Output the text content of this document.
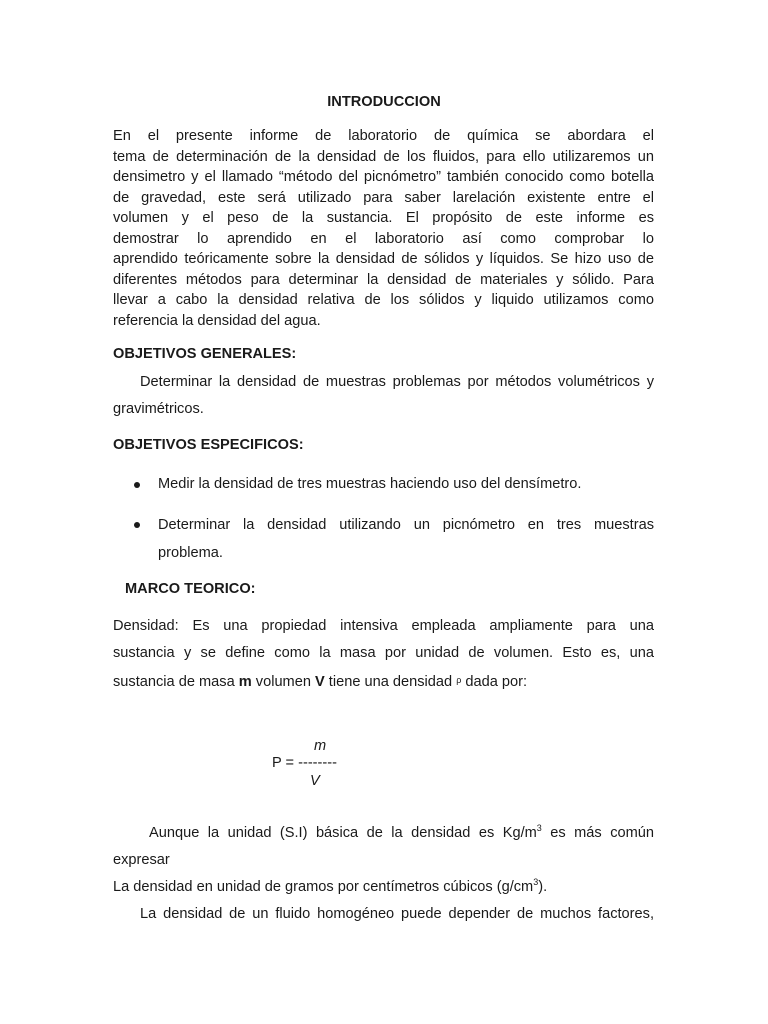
INTRODUCCION
En el presente informe de laboratorio de química se abordara el
tema de determinación de la densidad de los fluidos, para ello utilizaremos un
densimetro y el llamado “método del picnómetro” también conocido como botella
de gravedad, este será utilizado para saber larelación existente entre el
volumen y el peso de la sustancia. El propósito de este informe es
demostrar lo aprendido en el laboratorio así como comprobar lo
aprendido teóricamente sobre la densidad de sólidos y líquidos. Se hizo uso de
diferentes métodos para determinar la densidad de materiales y sólido. Para
llevar a cabo la densidad relativa de los sólidos y liquido utilizamos como
referencia la densidad del agua.
OBJETIVOS GENERALES:
Determinar la densidad de muestras problemas por métodos volumétricos y
gravimétricos.
OBJETIVOS ESPECIFICOS:
Medir la densidad de tres muestras haciendo uso del densímetro.
Determinar la densidad utilizando un picnómetro en tres muestras
problema.
MARCO TEORICO:
Densidad: Es una propiedad intensiva empleada ampliamente para una
sustancia y se define como la masa por unidad de volumen. Esto es, una
sustancia de masa m volumen V tiene una densidad $^\rho$ dada por:
m
P = --------
V
Aunque la unidad (S.I) básica de la densidad es $Kg/m^3$ es más común
expresar
La densidad en unidad de gramos por centímetros cúbicos $(g/cm^3)$.
La densidad de un fluido homogéneo puede depender de muchos factores,
